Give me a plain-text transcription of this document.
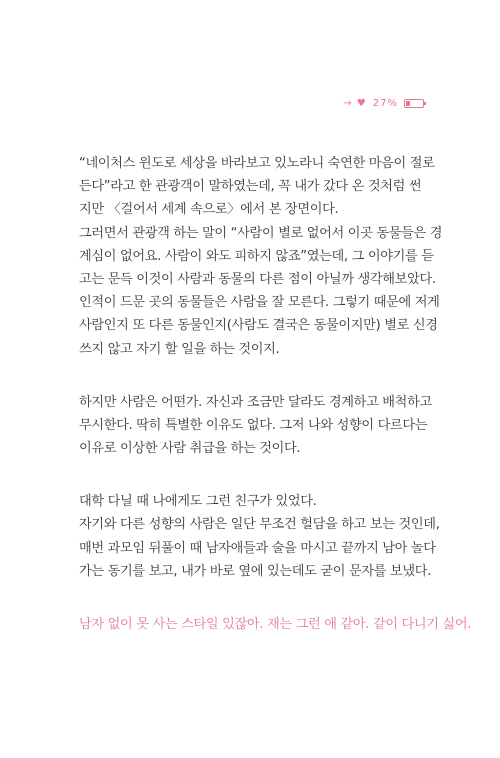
→ ♥ 27%
“네이처스 윈도로 세상을 바라보고 있노라니 숙연한 마음이 절로
든다”라고 한 관광객이 말하였는데, 꼭 내가 갔다 온 것처럼 썬
지만 〈걸어서 세계 속으로〉에서 본 장면이다.
그러면서 관광객 하는 말이 “사람이 별로 없어서 이곳 동물들은 경
계심이 없어요. 사람이 와도 피하지 않죠”였는데, 그 이야기를 듣
고는 문득 이것이 사람과 동물의 다른 점이 아닐까 생각해보았다.
인적이 드문 곳의 동물들은 사람을 잘 모른다. 그렇기 때문에 저게
사람인지 또 다른 동물인지(사람도 결국은 동물이지만) 별로 신경
쓰지 않고 자기 할 일을 하는 것이지.
하지만 사람은 어떤가. 자신과 조금만 달라도 경계하고 배척하고
무시한다. 딱히 특별한 이유도 없다. 그저 나와 성향이 다르다는
이유로 이상한 사람 취급을 하는 것이다.
대학 다닐 때 나에게도 그런 친구가 있었다.
자기와 다른 성향의 사람은 일단 무조건 헐담을 하고 보는 것인데,
매번 과모임 뒤풀이 때 남자애들과 술을 마시고 끝까지 남아 놀다
가는 동기를 보고, 내가 바로 옆에 있는데도 굳이 문자를 보냈다.
남자 없이 못 사는 스타일 있잖아. 재는 그런 애 같아. 같이 다니기 싫어.
